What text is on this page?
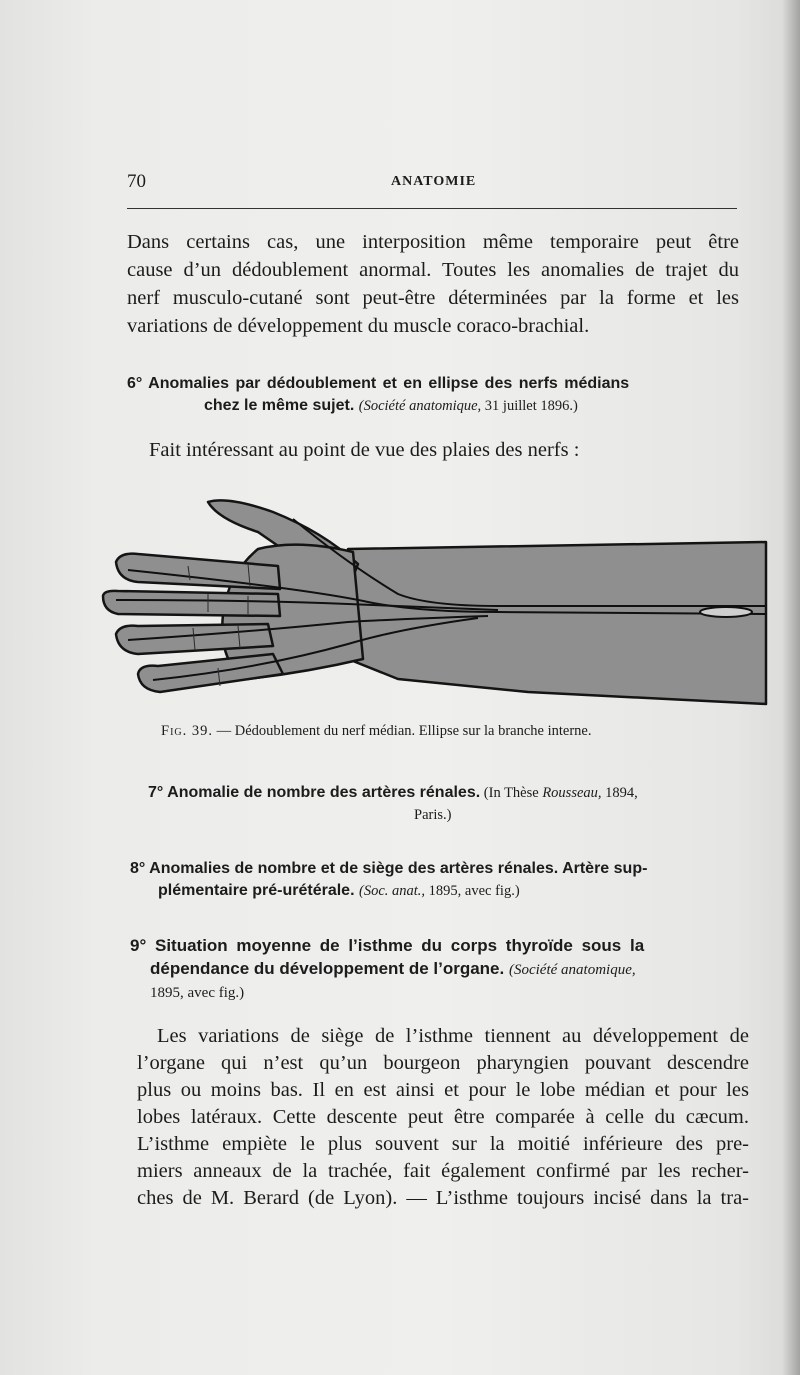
70	ANATOMIE
Dans certains cas, une interposition même temporaire peut être
cause d’un dédoublement anormal. Toutes les anomalies de trajet du
nerf musculo-cutané sont peut-être déterminées par la forme et les
variations de développement du muscle coraco-brachial.
6° Anomalies par dédoublement et en ellipse des nerfs médians
chez le même sujet. (Société anatomique, 31 juillet 1896.)
Fait intéressant au point de vue des plaies des nerfs :
Fig. 39. — Dédoublement du nerf médian. Ellipse sur la branche interne.
7° Anomalie de nombre des artères rénales. (In Thèse Rousseau, 1894,
Paris.)
8° Anomalies de nombre et de siège des artères rénales. Artère sup-
plémentaire pré-urétérale. (Soc. anat., 1895, avec fig.)
9° Situation moyenne de l’isthme du corps thyroïde sous la
dépendance du développement de l’organe. (Société anatomique,
1895, avec fig.)
Les variations de siège de l’isthme tiennent au développement de
l’organe qui n’est qu’un bourgeon pharyngien pouvant descendre
plus ou moins bas. Il en est ainsi et pour le lobe médian et pour les
lobes latéraux. Cette descente peut être comparée à celle du cæcum.
L’isthme empiète le plus souvent sur la moitié inférieure des pre-
miers anneaux de la trachée, fait également confirmé par les recher-
ches de M. Berard (de Lyon). — L’isthme toujours incisé dans la tra-
